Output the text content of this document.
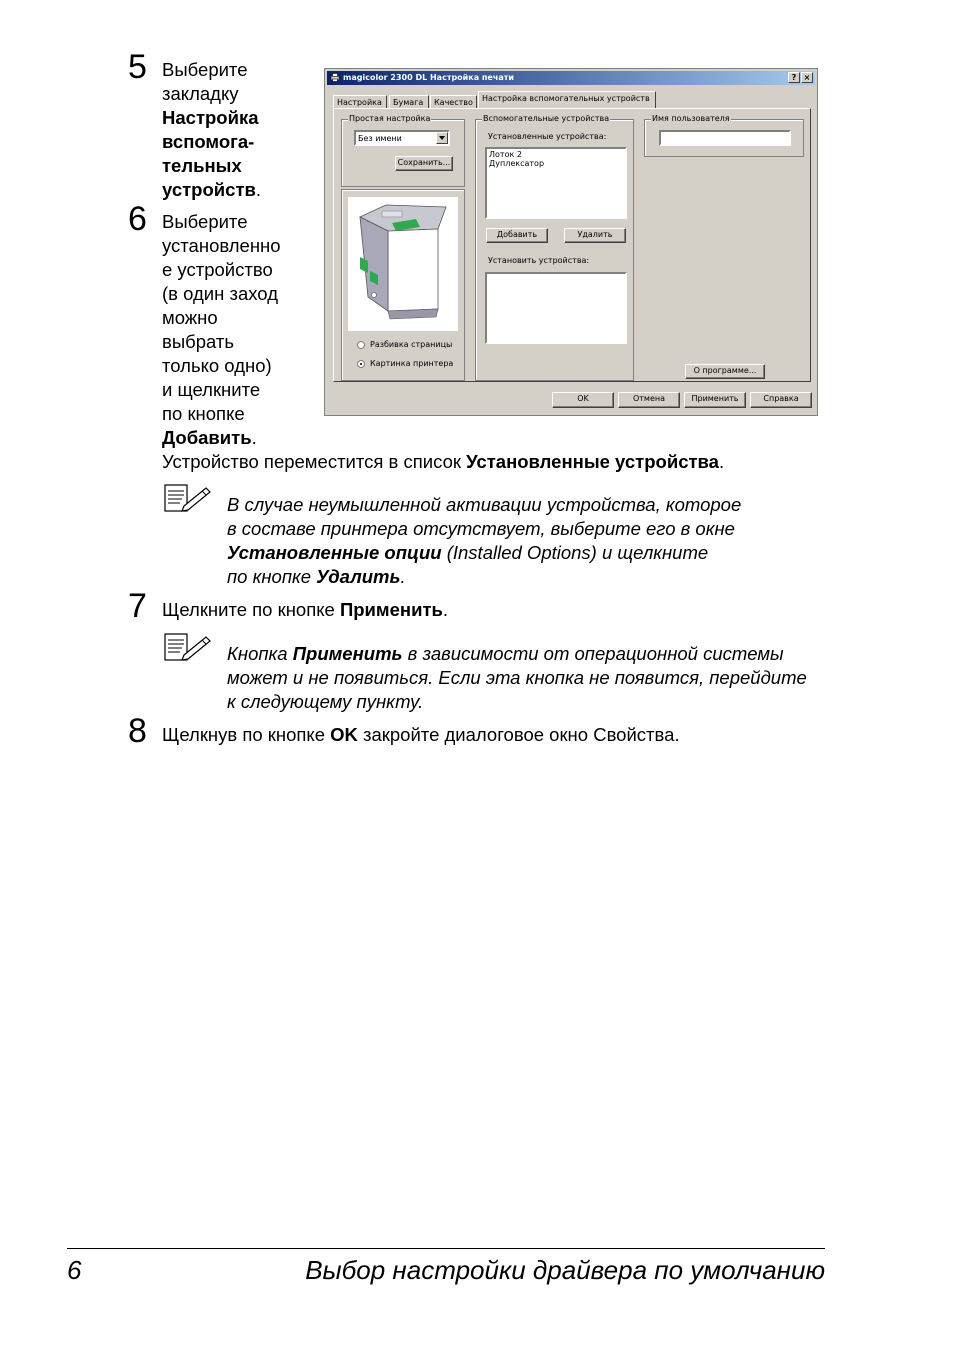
5 Выберите
закладку
Настройка
вспомога-
тельных
устройств.
6 Выберите
установленно
е устройство
(в один заход
можно
выбрать
только одно)
и щелкните
по кнопке
Добавить.
Устройство переместится в список Установленные устройства.
magicolor 2300 DL Настройка печати	? ×
Настройка	Бумага	Качество	Настройка вспомогательных устройств
Простая настройка
Без имени
Сохранить...
Разбивка страницы
Картинка принтера
Вспомогательные устройства
Установленные устройства:
Лоток 2
Дуплексатор
Добавить	Удалить
Установить устройства:
Имя пользователя
О программе...
OK	Отмена	Применить	Справка
В случае неумышленной активации устройства, которое
в составе принтера отсутствует, выберите его в окне
Установленные опции (Installed Options) и щелкните
по кнопке Удалить.
7 Щелкните по кнопке Применить.
Кнопка Применить в зависимости от операционной системы
может и не появиться. Если эта кнопка не появится, перейдите
к следующему пункту.
8 Щелкнув по кнопке OK закройте диалоговое окно Свойства.
6	Выбор настройки драйвера по умолчанию
